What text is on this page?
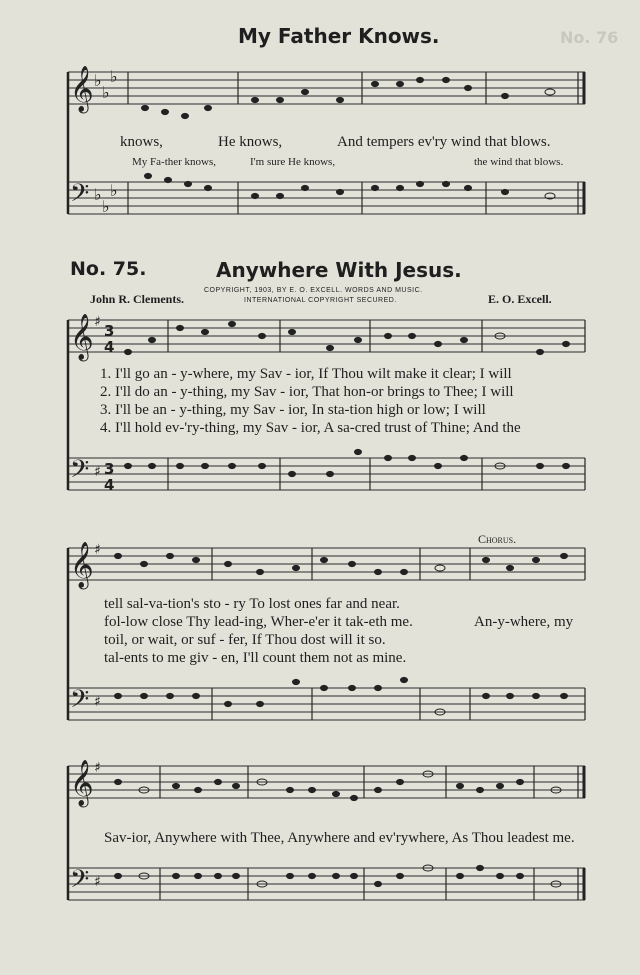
No. 76
My Father Knows.
𝄞
𝄢
𝄞
𝄢
𝄞
𝄢
𝄞
𝄢
♭
♭
♭
♭
♭
♭
♯
♯
♯
♯
♯
♯
3
4
3
4
knows,	He knows,	And tempers ev'ry wind that blows.
My Fa-ther knows,	I'm sure He knows,	the wind that blows.
No. 75.	Anywhere With Jesus.
COPYRIGHT, 1903, BY E. O. EXCELL. WORDS AND MUSIC.
INTERNATIONAL COPYRIGHT SECURED.
John R. Clements.	E. O. Excell.
1. I'll go an - y-where, my Sav - ior, If Thou wilt make it clear; I will
2. I'll do an - y-thing, my Sav - ior, That hon-or brings to Thee; I will
3. I'll be an - y-thing, my Sav - ior, In sta-tion high or low; I will
4. I'll hold ev-'ry-thing, my Sav - ior, A sa-cred trust of Thine; And the
Chorus.
tell sal-va-tion's sto - ry To lost ones far and near.
fol-low close Thy lead-ing, Wher-e'er it tak-eth me.	An-y-where, my
toil, or wait, or suf - fer, If Thou dost will it so.
tal-ents to me giv - en, I'll count them not as mine.
Sav-ior, Anywhere with Thee, Anywhere and ev'rywhere, As Thou leadest me.
